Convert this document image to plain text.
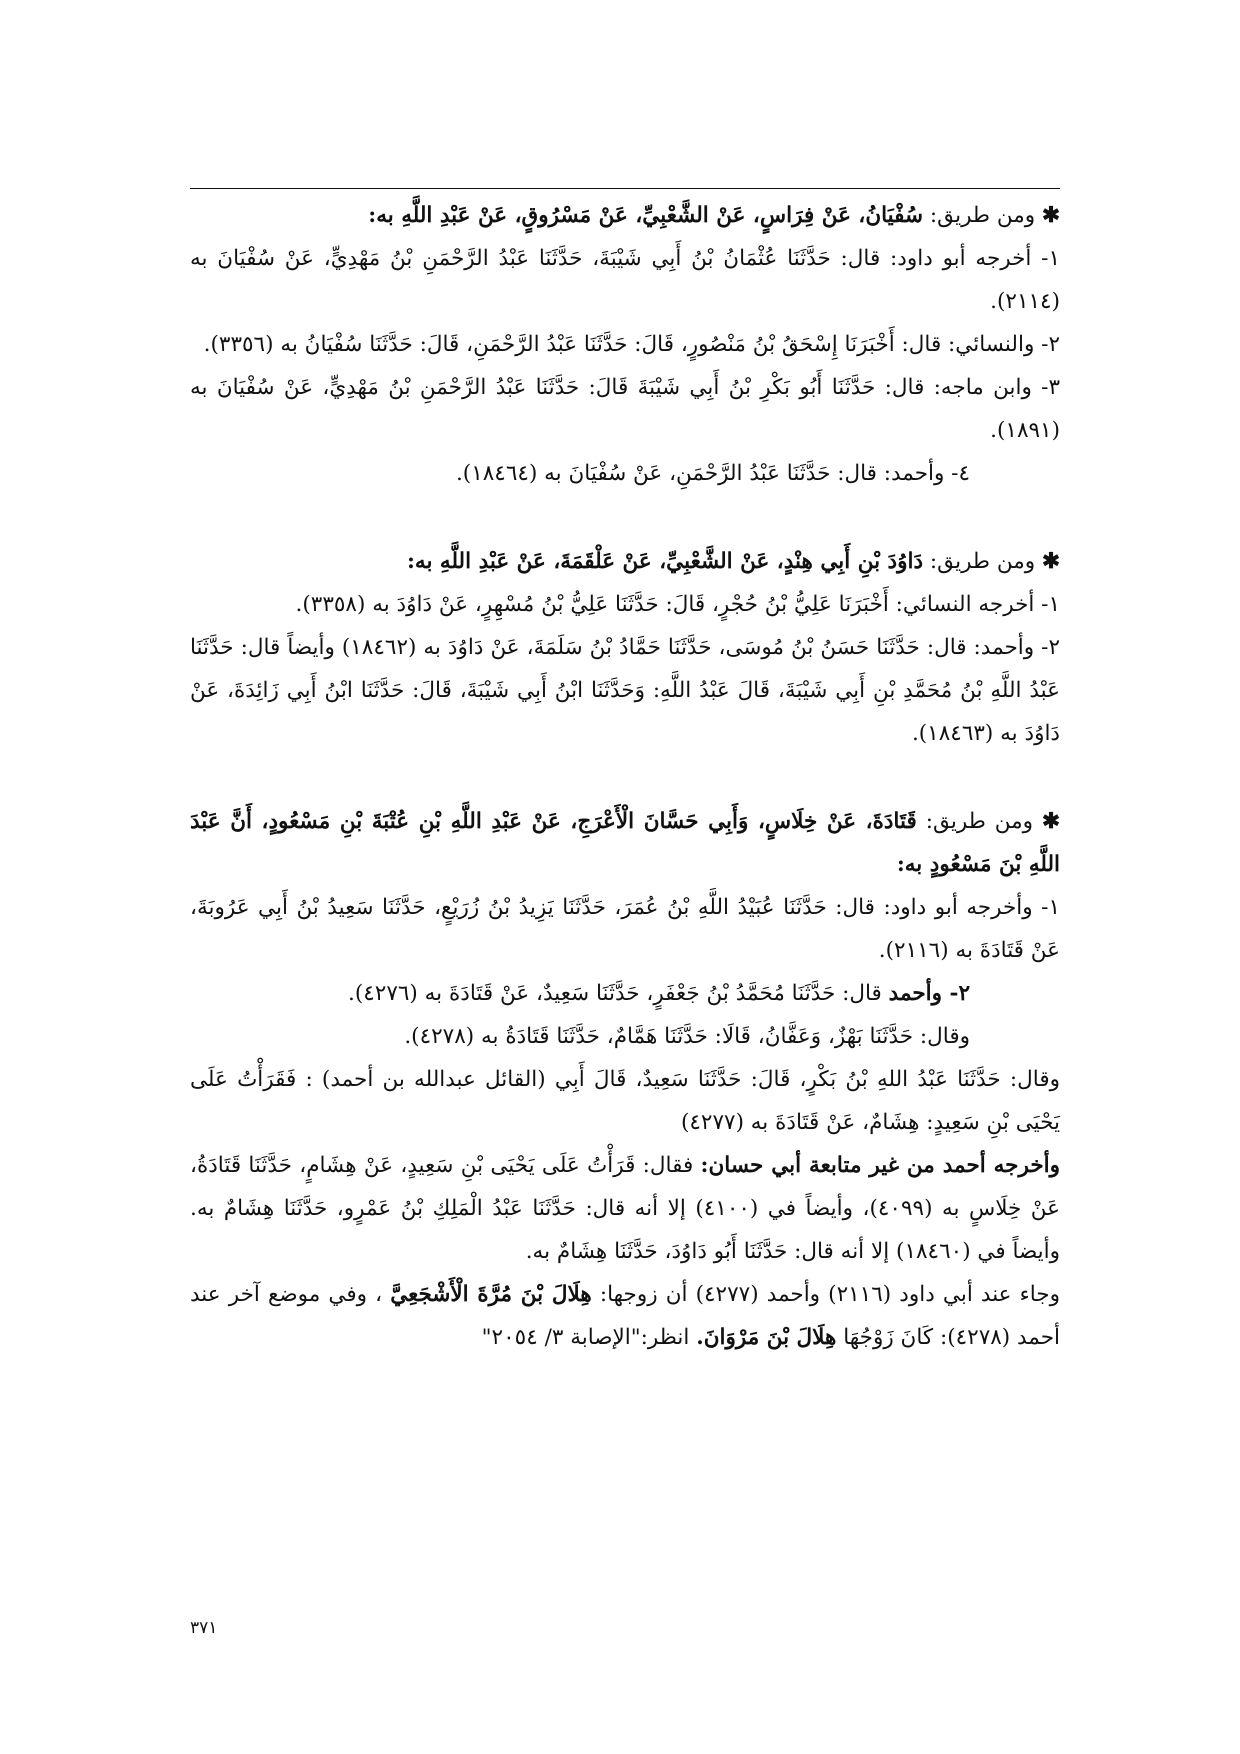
✱ ومن طريق: سُفْيَانُ، عَنْ فِرَاسٍ، عَنْ الشَّعْبِيِّ، عَنْ مَسْرُوقٍ، عَنْ عَبْدِ اللَّهِ به:

١- أخرجه أبو داود: قال: حَدَّثَنَا عُثْمَانُ بْنُ أَبِي شَيْبَةَ، حَدَّثَنَا عَبْدُ الرَّحْمَنِ بْنُ مَهْدِيٍّ، عَنْ سُفْيَانَ به (٢١١٤).

٢- والنسائي: قال: أَخْبَرَنَا إِسْحَقُ بْنُ مَنْصُورٍ، قَالَ: حَدَّثَنَا عَبْدُ الرَّحْمَنِ، قَالَ: حَدَّثَنَا سُفْيَانُ به (٣٣٥٦).

٣- وابن ماجه: قال: حَدَّثَنَا أَبُو بَكْرِ بْنُ أَبِي شَيْبَةَ قَالَ: حَدَّثَنَا عَبْدُ الرَّحْمَنِ بْنُ مَهْدِيٍّ، عَنْ سُفْيَانَ به (١٨٩١).

٤- وأحمد: قال: حَدَّثَنَا عَبْدُ الرَّحْمَنِ، عَنْ سُفْيَانَ به (١٨٤٦٤).

✱ ومن طريق: دَاوُدَ بْنِ أَبِي هِنْدٍ، عَنْ الشَّعْبِيِّ، عَنْ عَلْقَمَةَ، عَنْ عَبْدِ اللَّهِ به:

١- أخرجه النسائي: أَخْبَرَنَا عَلِيُّ بْنُ حُجْرٍ، قَالَ: حَدَّثَنَا عَلِيُّ بْنُ مُسْهِرٍ، عَنْ دَاوُدَ به (٣٣٥٨).

٢- وأحمد: قال: حَدَّثَنَا حَسَنُ بْنُ مُوسَى، حَدَّثَنَا حَمَّادُ بْنُ سَلَمَةَ، عَنْ دَاوُدَ به (١٨٤٦٢) وأيضاً قال: حَدَّثَنَا عَبْدُ اللَّهِ بْنُ مُحَمَّدِ بْنِ أَبِي شَيْبَةَ، قَالَ عَبْدُ اللَّهِ: وَحَدَّثَنَا ابْنُ أَبِي شَيْبَةَ، قَالَ: حَدَّثَنَا ابْنُ أَبِي زَائِدَةَ، عَنْ دَاوُدَ به (١٨٤٦٣).

✱ ومن طريق: قَتَادَةَ، عَنْ خِلَاسٍ، وَأَبِي حَسَّانَ الْأَعْرَجِ، عَنْ عَبْدِ اللَّهِ بْنِ عُتْبَةَ بْنِ مَسْعُودٍ، أَنَّ عَبْدَ اللَّهِ بْنَ مَسْعُودٍ به:

١- وأخرجه أبو داود: قال: حَدَّثَنَا عُبَيْدُ اللَّهِ بْنُ عُمَرَ، حَدَّثَنَا يَزِيدُ بْنُ زُرَيْعٍ، حَدَّثَنَا سَعِيدُ بْنُ أَبِي عَرُوبَةَ، عَنْ قَتَادَةَ به (٢١١٦).

٢- وأحمد قال: حَدَّثَنَا مُحَمَّدُ بْنُ جَعْفَرٍ، حَدَّثَنَا سَعِيدٌ، عَنْ قَتَادَةَ به (٤٢٧٦).

وقال: حَدَّثَنَا بَهْزٌ، وَعَفَّانُ، قَالَا: حَدَّثَنَا هَمَّامٌ، حَدَّثَنَا قَتَادَةُ به (٤٢٧٨).

وقال: حَدَّثَنَا عَبْدُ اللهِ بْنُ بَكْرٍ، قَالَ: حَدَّثَنَا سَعِيدٌ، قَالَ أَبِي (القائل عبدالله بن أحمد) : فَقَرَأْتُ عَلَى يَحْيَى بْنِ سَعِيدٍ: هِشَامٌ، عَنْ قَتَادَةَ به (٤٢٧٧)

وأخرجه أحمد من غير متابعة أبي حسان: فقال: قَرَأْتُ عَلَى يَحْيَى بْنِ سَعِيدٍ، عَنْ هِشَامٍ، حَدَّثَنَا قَتَادَةُ، عَنْ خِلَاسٍ به (٤٠٩٩)، وأيضاً في (٤١٠٠) إلا أنه قال: حَدَّثَنَا عَبْدُ الْمَلِكِ بْنُ عَمْرٍو، حَدَّثَنَا هِشَامٌ به. وأيضاً في (١٨٤٦٠) إلا أنه قال: حَدَّثَنَا أَبُو دَاوُدَ، حَدَّثَنَا هِشَامٌ به.

وجاء عند أبي داود (٢١١٦) وأحمد (٤٢٧٧) أن زوجها: هِلَالَ بْنَ مُرَّةَ الْأَشْجَعِيَّ ، وفي موضع آخر عند أحمد (٤٢٧٨): كَانَ زَوْجُهَا هِلَالَ بْنَ مَرْوَانَ. انظر:"الإصابة ٣/ ٢٠٥٤"

٣٧١
